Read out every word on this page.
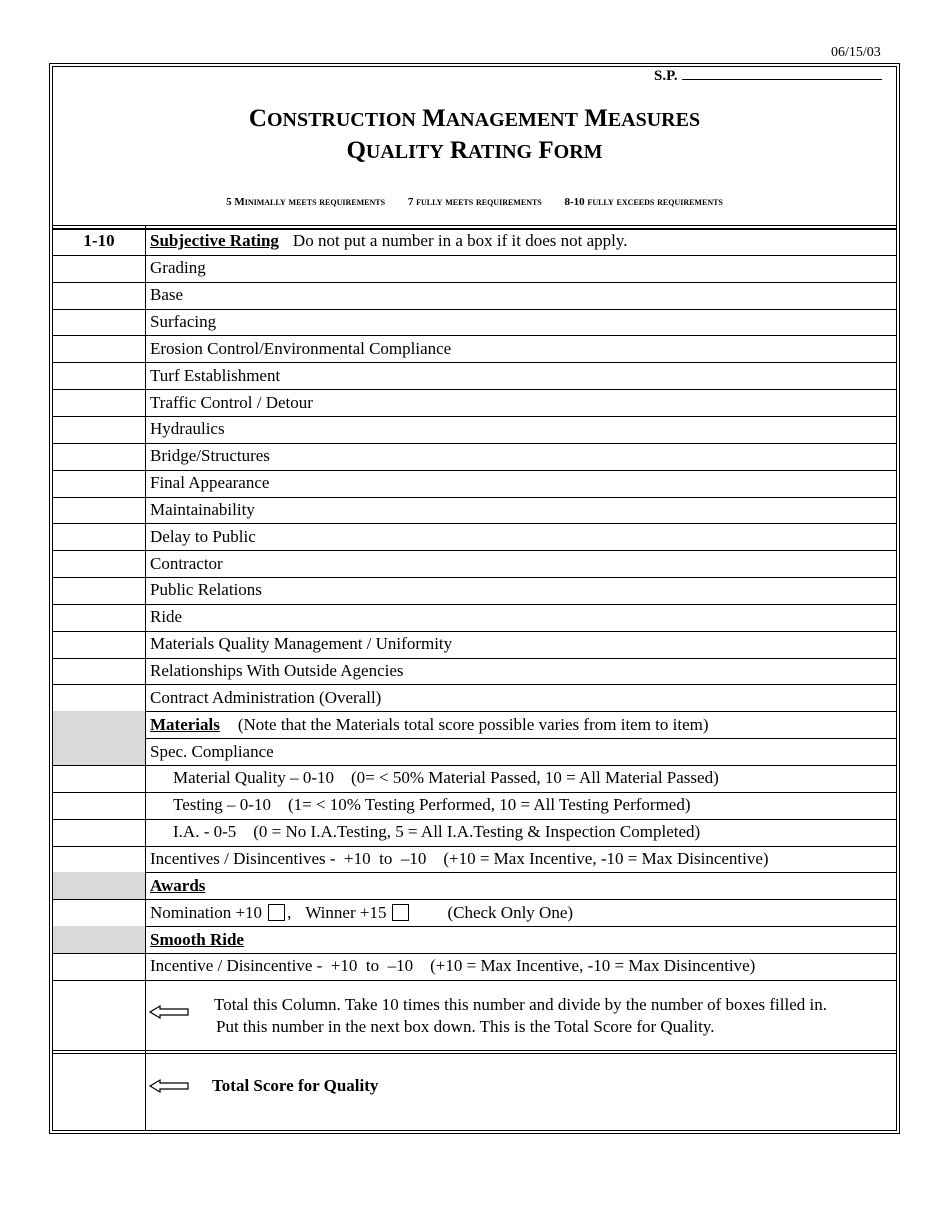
06/15/03
S.P.
CONSTRUCTION MANAGEMENT MEASURES
QUALITY RATING FORM
5 Minimally meets requirements 7 fully meets requirements 8-10 fully exceeds requirements
1-10	Subjective Rating Do not put a number in a box if it does not apply.
Grading
Base
Surfacing
Erosion Control/Environmental Compliance
Turf Establishment
Traffic Control / Detour
Hydraulics
Bridge/Structures
Final Appearance
Maintainability
Delay to Public
Contractor
Public Relations
Ride
Materials Quality Management / Uniformity
Relationships With Outside Agencies
Contract Administration (Overall)
Materials (Note that the Materials total score possible varies from item to item)
Spec. Compliance
Material Quality – 0-10    (0= < 50% Material Passed, 10 = All Material Passed)
Testing – 0-10    (1= < 10% Testing Performed, 10 = All Testing Performed)
I.A. - 0-5    (0 = No I.A.Testing, 5 = All I.A.Testing & Inspection Completed)
Incentives / Disincentives -  +10  to  –10    (+10 = Max Incentive, -10 = Max Disincentive)
Awards
Nomination +10 , Winner +15	(Check Only One)
Smooth Ride
Incentive / Disincentive -  +10  to  –10    (+10 = Max Incentive, -10 = Max Disincentive)
Total this Column. Take 10 times this number and divide by the number of boxes filled in.
Put this number in the next box down. This is the Total Score for Quality.
Total Score for Quality
